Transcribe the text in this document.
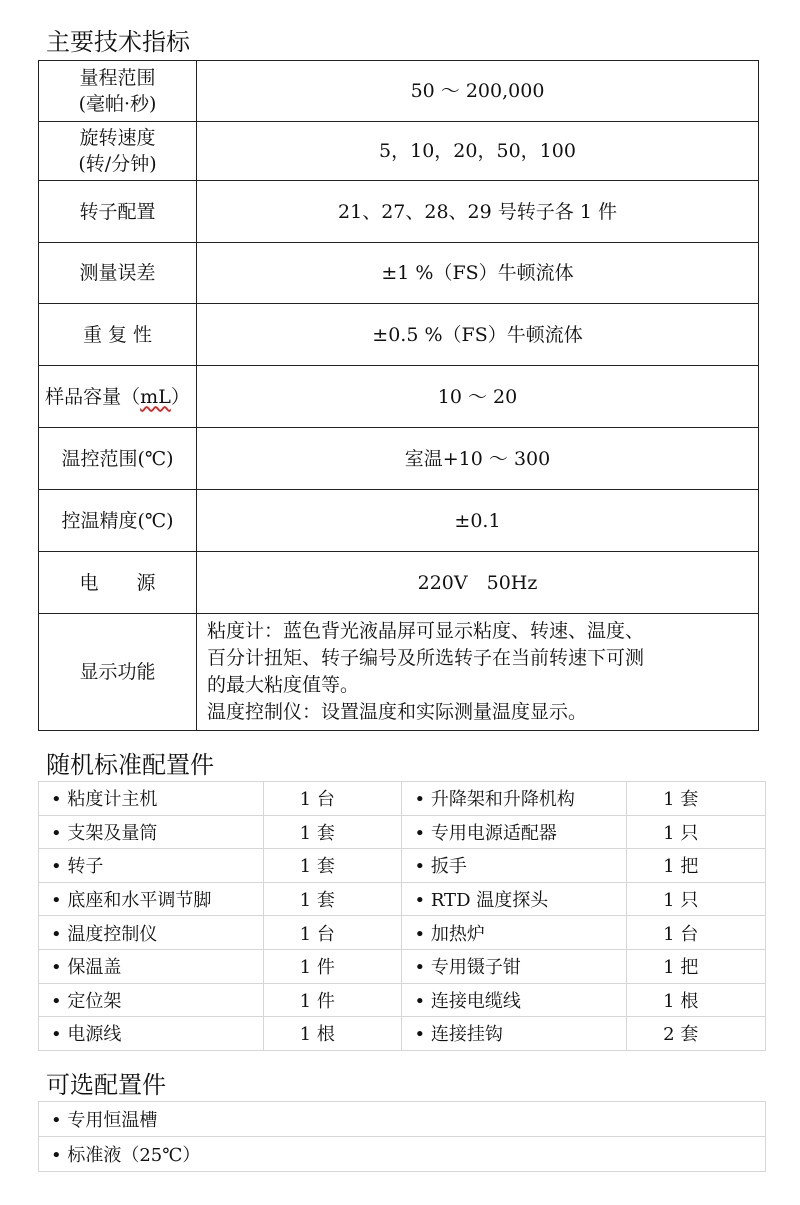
主要技术指标
量程范围
(毫帕·秒)	50 ～ 200,000

旋转速度
(转/分钟)	5，10，20，50，100
转子配置	21、27、28、29 号转子各 1 件
测量误差	±1 %（FS）牛顿流体
重 复 性	±0.5 %（FS）牛顿流体
样品容量（mL）	10 ～ 20
温控范围(℃)	室温+10 ～ 300
控温精度(℃)	±0.1
电　　源	220V　50Hz
显示功能	粘度计：蓝色背光液晶屏可显示粘度、转速、温度、
百分计扭矩、转子编号及所选转子在当前转速下可测
的最大粘度值等。
温度控制仪：设置温度和实际测量温度显示。
随机标准配置件
• 粘度计主机	1 台	• 升降架和升降机构	1 套
• 支架及量筒	1 套	• 专用电源适配器	1 只
• 转子	1 套	• 扳手	1 把
• 底座和水平调节脚	1 套	• RTD 温度探头	1 只
• 温度控制仪	1 台	• 加热炉	1 台
• 保温盖	1 件	• 专用镊子钳	1 把
• 定位架	1 件	• 连接电缆线	1 根
• 电源线	1 根	• 连接挂钩	2 套
可选配置件
• 专用恒温槽
• 标准液（25℃）
